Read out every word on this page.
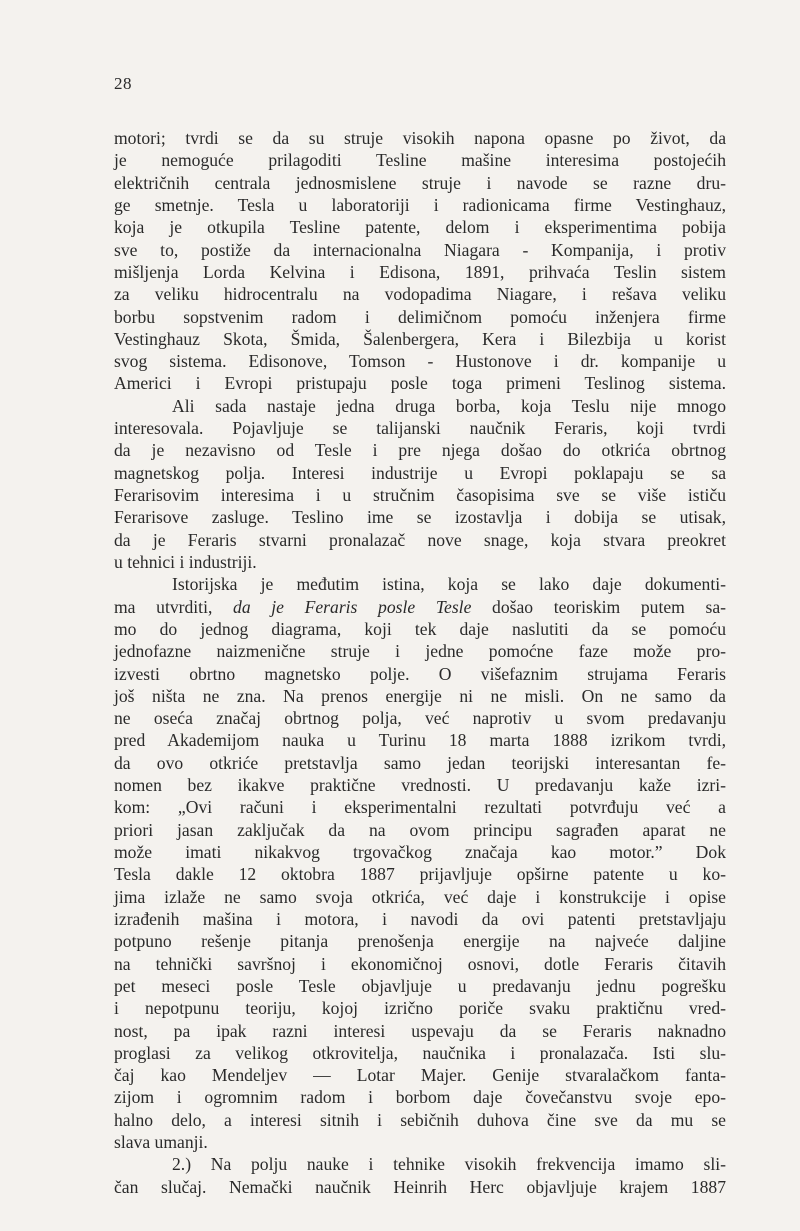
28
motori; tvrdi se da su struje visokih napona opasne po život, da
je nemoguće prilagoditi Tesline mašine interesima postojećih
električnih centrala jednosmislene struje i navode se razne dru-
ge smetnje. Tesla u laboratoriji i radionicama firme Vestinghauz,
koja je otkupila Tesline patente, delom i eksperimentima pobija
sve to, postiže da internacionalna Niagara - Kompanija, i protiv
mišljenja Lorda Kelvina i Edisona, 1891, prihvaća Teslin sistem
za veliku hidrocentralu na vodopadima Niagare, i rešava veliku
borbu sopstvenim radom i delimičnom pomoću inženjera firme
Vestinghauz Skota, Šmida, Šalenbergera, Kera i Bilezbija u korist
svog sistema. Edisonove, Tomson - Hustonove i dr. kompanije u
Americi i Evropi pristupaju posle toga primeni Teslinog sistema.
Ali sada nastaje jedna druga borba, koja Teslu nije mnogo
interesovala. Pojavljuje se talijanski naučnik Feraris, koji tvrdi
da je nezavisno od Tesle i pre njega došao do otkrića obrtnog
magnetskog polja. Interesi industrije u Evropi poklapaju se sa
Ferarisovim interesima i u stručnim časopisima sve se više ističu
Ferarisove zasluge. Teslino ime se izostavlja i dobija se utisak,
da je Feraris stvarni pronalazač nove snage, koja stvara preokret
u tehnici i industriji.
Istorijska je međutim istina, koja se lako daje dokumenti-
ma utvrditi, da je Feraris posle Tesle došao teoriskim putem sa-
mo do jednog diagrama, koji tek daje naslutiti da se pomoću
jednofazne naizmenične struje i jedne pomoćne faze može pro-
izvesti obrtno magnetsko polje. O višefaznim strujama Feraris
još ništa ne zna. Na prenos energije ni ne misli. On ne samo da
ne oseća značaj obrtnog polja, već naprotiv u svom predavanju
pred Akademijom nauka u Turinu 18 marta 1888 izrikom tvrdi,
da ovo otkriće pretstavlja samo jedan teorijski interesantan fe-
nomen bez ikakve praktične vrednosti. U predavanju kaže izri-
kom: „Ovi računi i eksperimentalni rezultati potvrđuju već a
priori jasan zaključak da na ovom principu sagrađen aparat ne
može imati nikakvog trgovačkog značaja kao motor.” Dok
Tesla dakle 12 oktobra 1887 prijavljuje opširne patente u ko-
jima izlaže ne samo svoja otkrića, već daje i konstrukcije i opise
izrađenih mašina i motora, i navodi da ovi patenti pretstavljaju
potpuno rešenje pitanja prenošenja energije na najveće daljine
na tehnički savršnoj i ekonomičnoj osnovi, dotle Feraris čitavih
pet meseci posle Tesle objavljuje u predavanju jednu pogrešku
i nepotpunu teoriju, kojoj izrično poriče svaku praktičnu vred-
nost, pa ipak razni interesi uspevaju da se Feraris naknadno
proglasi za velikog otkrovitelja, naučnika i pronalazača. Isti slu-
čaj kao Mendeljev — Lotar Majer. Genije stvaralačkom fanta-
zijom i ogromnim radom i borbom daje čovečanstvu svoje epo-
halno delo, a interesi sitnih i sebičnih duhova čine sve da mu se
slava umanji.
2.) Na polju nauke i tehnike visokih frekvencija imamo sli-
čan slučaj. Nemački naučnik Heinrih Herc objavljuje krajem 1887
